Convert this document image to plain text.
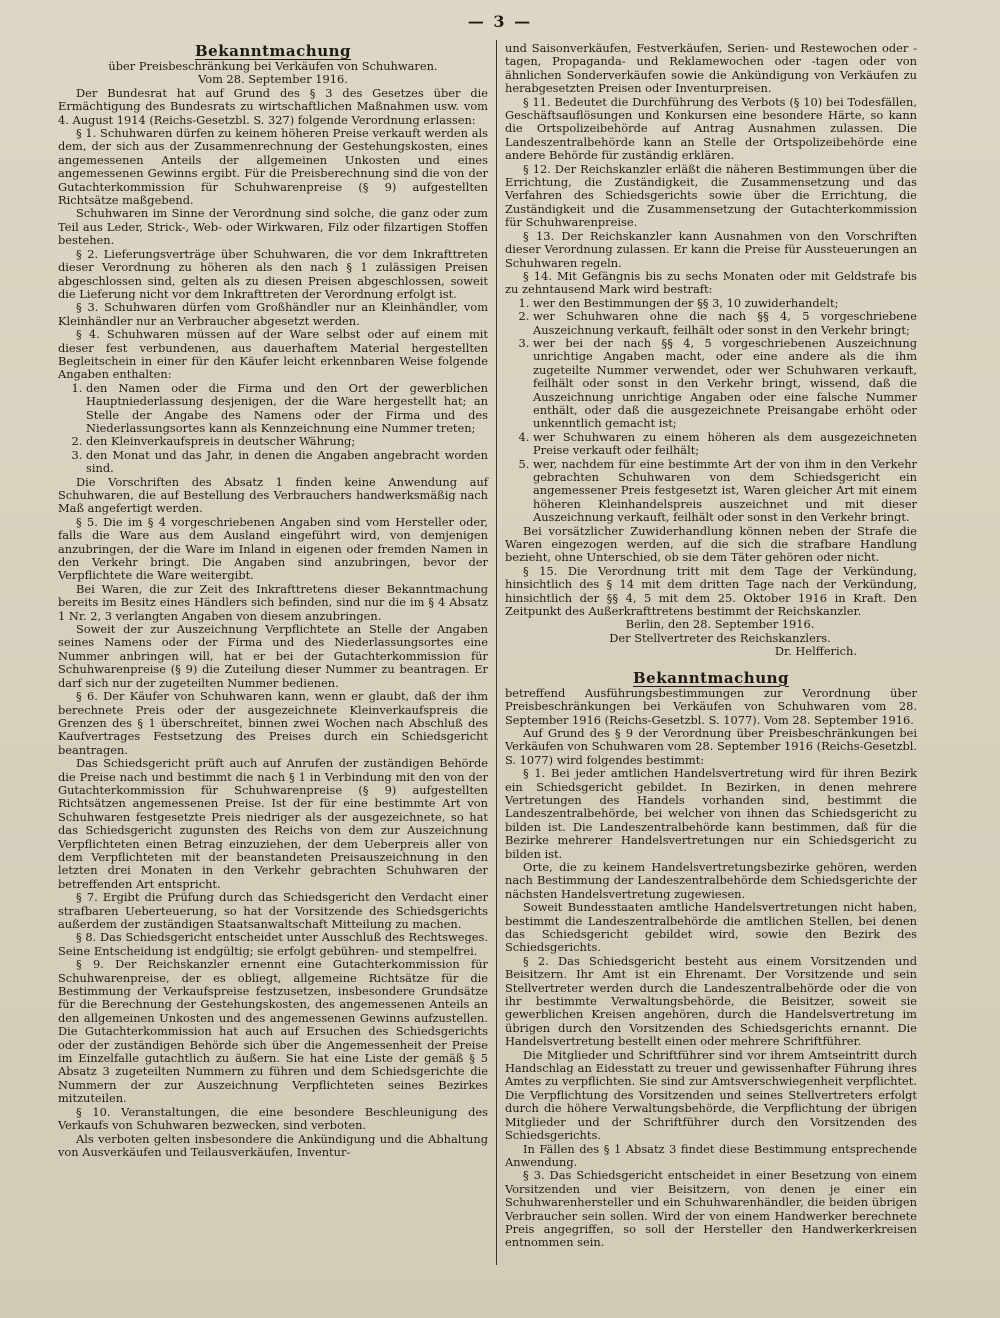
— 3 —
Bekanntmachung

über Preisbeschränkung bei Verkäufen von Schuhwaren.

Vom 28. September 1916.

Der Bundesrat hat auf Grund des § 3 des Gesetzes über die Ermächtigung des Bundesrats zu wirtschaftlichen Maßnahmen usw. vom 4. August 1914 (Reichs-Gesetzbl. S. 327) folgende Verordnung erlassen:

§ 1. Schuhwaren dürfen zu keinem höheren Preise verkauft werden als dem, der sich aus der Zusammenrechnung der Gestehungskosten, eines angemessenen Anteils der allgemeinen Unkosten und eines angemessenen Gewinns ergibt. Für die Preisberechnung sind die von der Gutachterkommission für Schuhwarenpreise (§ 9) aufgestellten Richtsätze maßgebend.

Schuhwaren im Sinne der Verordnung sind solche, die ganz oder zum Teil aus Leder, Strick-, Web- oder Wirkwaren, Filz oder filzartigen Stoffen bestehen.

§ 2. Lieferungsverträge über Schuhwaren, die vor dem Inkrafttreten dieser Verordnung zu höheren als den nach § 1 zulässigen Preisen abgeschlossen sind, gelten als zu diesen Preisen abgeschlossen, soweit die Lieferung nicht vor dem Inkrafttreten der Verordnung erfolgt ist.

§ 3. Schuhwaren dürfen vom Großhändler nur an Kleinhändler, vom Kleinhändler nur an Verbraucher abgesetzt werden.

§ 4. Schuhwaren müssen auf der Ware selbst oder auf einem mit dieser fest verbundenen, aus dauerhaftem Material hergestellten Begleitschein in einer für den Käufer leicht erkennbaren Weise folgende Angaben enthalten:

1. den Namen oder die Firma und den Ort der gewerblichen Hauptniederlassung desjenigen, der die Ware hergestellt hat; an Stelle der Angabe des Namens oder der Firma und des Niederlassungsortes kann als Kennzeichnung eine Nummer treten;
2. den Kleinverkaufspreis in deutscher Währung;
3. den Monat und das Jahr, in denen die Angaben angebracht worden sind.

Die Vorschriften des Absatz 1 finden keine Anwendung auf Schuhwaren, die auf Bestellung des Verbrauchers handwerksmäßig nach Maß angefertigt werden.

§ 5. Die im § 4 vorgeschriebenen Angaben sind vom Hersteller oder, falls die Ware aus dem Ausland eingeführt wird, von demjenigen anzubringen, der die Ware im Inland in eigenen oder fremden Namen in den Verkehr bringt. Die Angaben sind anzubringen, bevor der Verpflichtete die Ware weitergibt.

Bei Waren, die zur Zeit des Inkrafttretens dieser Bekanntmachung bereits im Besitz eines Händlers sich befinden, sind nur die im § 4 Absatz 1 Nr. 2, 3 verlangten Angaben von diesem anzubringen.

Soweit der zur Auszeichnung Verpflichtete an Stelle der Angaben seines Namens oder der Firma und des Niederlassungsortes eine Nummer anbringen will, hat er bei der Gutachterkommission für Schuhwarenpreise (§ 9) die Zuteilung dieser Nummer zu beantragen. Er darf sich nur der zugeteilten Nummer bedienen.

§ 6. Der Käufer von Schuhwaren kann, wenn er glaubt, daß der ihm berechnete Preis oder der ausgezeichnete Kleinverkaufspreis die Grenzen des § 1 überschreitet, binnen zwei Wochen nach Abschluß des Kaufvertrages Festsetzung des Preises durch ein Schiedsgericht beantragen.

Das Schiedsgericht prüft auch auf Anrufen der zuständigen Behörde die Preise nach und bestimmt die nach § 1 in Verbindung mit den von der Gutachterkommission für Schuhwarenpreise (§ 9) aufgestellten Richtsätzen angemessenen Preise. Ist der für eine bestimmte Art von Schuhwaren festgesetzte Preis niedriger als der ausgezeichnete, so hat das Schiedsgericht zugunsten des Reichs von dem zur Auszeichnung Verpflichteten einen Betrag einzuziehen, der dem Ueberpreis aller von dem Verpflichteten mit der beanstandeten Preisauszeichnung in den letzten drei Monaten in den Verkehr gebrachten Schuhwaren der betreffenden Art entspricht.

§ 7. Ergibt die Prüfung durch das Schiedsgericht den Verdacht einer strafbaren Ueberteuerung, so hat der Vorsitzende des Schiedsgerichts außerdem der zuständigen Staatsanwaltschaft Mitteilung zu machen.

§ 8. Das Schiedsgericht entscheidet unter Ausschluß des Rechtsweges. Seine Entscheidung ist endgültig; sie erfolgt gebühren- und stempelfrei.

§ 9. Der Reichskanzler ernennt eine Gutachterkommission für Schuhwarenpreise, der es obliegt, allgemeine Richtsätze für die Bestimmung der Verkaufspreise festzusetzen, insbesondere Grundsätze für die Berechnung der Gestehungskosten, des angemessenen Anteils an den allgemeinen Unkosten und des angemessenen Gewinns aufzustellen. Die Gutachterkommission hat auch auf Ersuchen des Schiedsgerichts oder der zuständigen Behörde sich über die Angemessenheit der Preise im Einzelfalle gutachtlich zu äußern. Sie hat eine Liste der gemäß § 5 Absatz 3 zugeteilten Nummern zu führen und dem Schiedsgerichte die Nummern der zur Auszeichnung Verpflichteten seines Bezirkes mitzuteilen.

§ 10. Veranstaltungen, die eine besondere Beschleunigung des Verkaufs von Schuhwaren bezwecken, sind verboten.

Als verboten gelten insbesondere die Ankündigung und die Abhaltung von Ausverkäufen und Teilausverkäufen, Inventur-

und Saisonverkäufen, Festverkäufen, Serien- und Restewochen oder -tagen, Propaganda- und Reklamewochen oder -tagen oder von ähnlichen Sonderverkäufen sowie die Ankündigung von Verkäufen zu herabgesetzten Preisen oder Inventurpreisen.

§ 11. Bedeutet die Durchführung des Verbots (§ 10) bei Todesfällen, Geschäftsauflösungen und Konkursen eine besondere Härte, so kann die Ortspolizeibehörde auf Antrag Ausnahmen zulassen. Die Landeszentralbehörde kann an Stelle der Ortspolizeibehörde eine andere Behörde für zuständig erklären.

§ 12. Der Reichskanzler erläßt die näheren Bestimmungen über die Errichtung, die Zuständigkeit, die Zusammensetzung und das Verfahren des Schiedsgerichts sowie über die Errichtung, die Zuständigkeit und die Zusammensetzung der Gutachterkommission für Schuhwarenpreise.

§ 13. Der Reichskanzler kann Ausnahmen von den Vorschriften dieser Verordnung zulassen. Er kann die Preise für Aussteuerungen an Schuhwaren regeln.

§ 14. Mit Gefängnis bis zu sechs Monaten oder mit Geldstrafe bis zu zehntausend Mark wird bestraft:

1. wer den Bestimmungen der §§ 3, 10 zuwiderhandelt;
2. wer Schuhwaren ohne die nach §§ 4, 5 vorgeschriebene Auszeichnung verkauft, feilhält oder sonst in den Verkehr bringt;
3. wer bei der nach §§ 4, 5 vorgeschriebenen Auszeichnung unrichtige Angaben macht, oder eine andere als die ihm zugeteilte Nummer verwendet, oder wer Schuhwaren verkauft, feilhält oder sonst in den Verkehr bringt, wissend, daß die Auszeichnung unrichtige Angaben oder eine falsche Nummer enthält, oder daß die ausgezeichnete Preisangabe erhöht oder unkenntlich gemacht ist;
4. wer Schuhwaren zu einem höheren als dem ausgezeichneten Preise verkauft oder feilhält;
5. wer, nachdem für eine bestimmte Art der von ihm in den Verkehr gebrachten Schuhwaren von dem Schiedsgericht ein angemessener Preis festgesetzt ist, Waren gleicher Art mit einem höheren Kleinhandelspreis auszeichnet und mit dieser Auszeichnung verkauft, feilhält oder sonst in den Verkehr bringt.

Bei vorsätzlicher Zuwiderhandlung können neben der Strafe die Waren eingezogen werden, auf die sich die strafbare Handlung bezieht, ohne Unterschied, ob sie dem Täter gehören oder nicht.

§ 15. Die Verordnung tritt mit dem Tage der Verkündung, hinsichtlich des § 14 mit dem dritten Tage nach der Verkündung, hinsichtlich der §§ 4, 5 mit dem 25. Oktober 1916 in Kraft. Den Zeitpunkt des Außerkrafttretens bestimmt der Reichskanzler.

Berlin, den 28. September 1916.

Der Stellvertreter des Reichskanzlers.

Dr. Helfferich.

Bekanntmachung

betreffend Ausführungsbestimmungen zur Verordnung über Preisbeschränkungen bei Verkäufen von Schuhwaren vom 28. September 1916 (Reichs-Gesetzbl. S. 1077). Vom 28. September 1916.

Auf Grund des § 9 der Verordnung über Preisbeschränkungen bei Verkäufen von Schuhwaren vom 28. September 1916 (Reichs-Gesetzbl. S. 1077) wird folgendes bestimmt:

§ 1. Bei jeder amtlichen Handelsvertretung wird für ihren Bezirk ein Schiedsgericht gebildet. In Bezirken, in denen mehrere Vertretungen des Handels vorhanden sind, bestimmt die Landeszentralbehörde, bei welcher von ihnen das Schiedsgericht zu bilden ist. Die Landeszentralbehörde kann bestimmen, daß für die Bezirke mehrerer Handelsvertretungen nur ein Schiedsgericht zu bilden ist.

Orte, die zu keinem Handelsvertretungsbezirke gehören, werden nach Bestimmung der Landeszentralbehörde dem Schiedsgerichte der nächsten Handelsvertretung zugewiesen.

Soweit Bundesstaaten amtliche Handelsvertretungen nicht haben, bestimmt die Landeszentralbehörde die amtlichen Stellen, bei denen das Schiedsgericht gebildet wird, sowie den Bezirk des Schiedsgerichts.

§ 2. Das Schiedsgericht besteht aus einem Vorsitzenden und Beisitzern. Ihr Amt ist ein Ehrenamt. Der Vorsitzende und sein Stellvertreter werden durch die Landeszentralbehörde oder die von ihr bestimmte Verwaltungsbehörde, die Beisitzer, soweit sie gewerblichen Kreisen angehören, durch die Handelsvertretung im übrigen durch den Vorsitzenden des Schiedsgerichts ernannt. Die Handelsvertretung bestellt einen oder mehrere Schriftführer.

Die Mitglieder und Schriftführer sind vor ihrem Amtseintritt durch Handschlag an Eidesstatt zu treuer und gewissenhafter Führung ihres Amtes zu verpflichten. Sie sind zur Amtsverschwiegenheit verpflichtet. Die Verpflichtung des Vorsitzenden und seines Stellvertreters erfolgt durch die höhere Verwaltungsbehörde, die Verpflichtung der übrigen Mitglieder und der Schriftführer durch den Vorsitzenden des Schiedsgerichts.

In Fällen des § 1 Absatz 3 findet diese Bestimmung entsprechende Anwendung.

§ 3. Das Schiedsgericht entscheidet in einer Besetzung von einem Vorsitzenden und vier Beisitzern, von denen je einer ein Schuhwarenhersteller und ein Schuhwarenhändler, die beiden übrigen Verbraucher sein sollen. Wird der von einem Handwerker berechnete Preis angegriffen, so soll der Hersteller den Handwerkerkreisen entnommen sein.
